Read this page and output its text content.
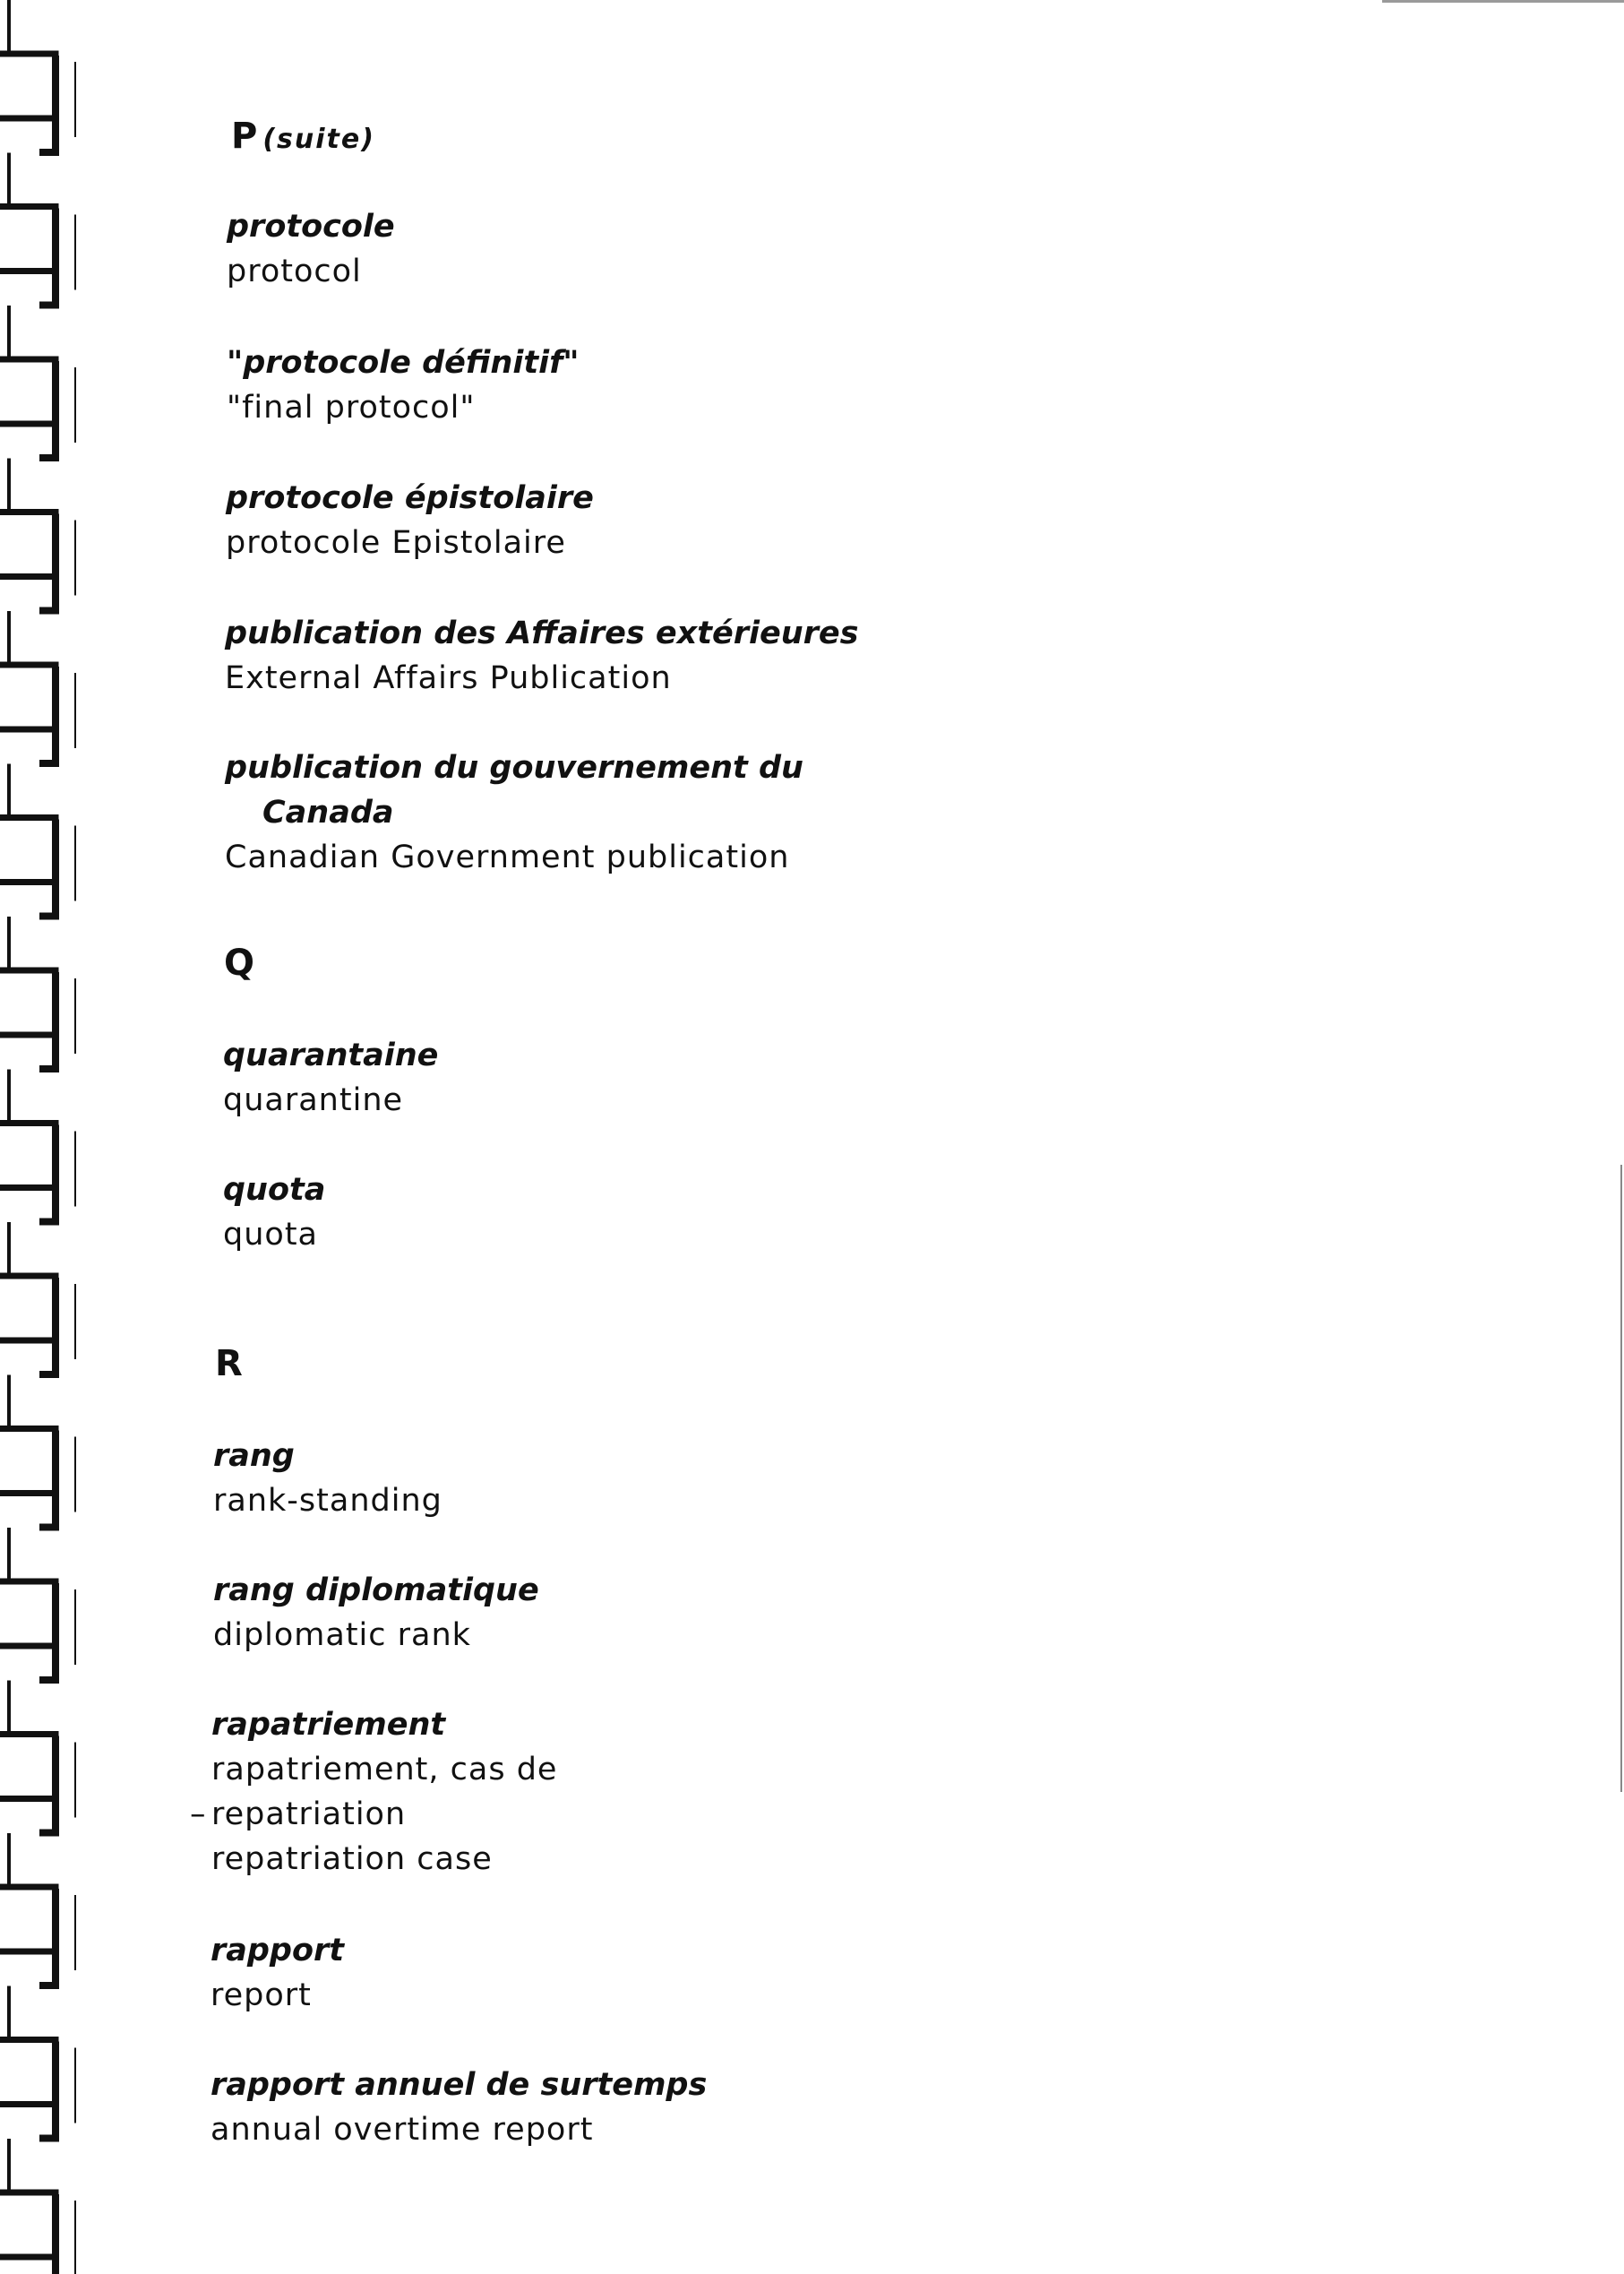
P (suite)
protocole
protocol
"protocole définitif"
"final protocol"
protocole épistolaire
protocole Epistolaire
publication des Affaires extérieures
External Affairs Publication
publication du gouvernement du
Canada
Canadian Government publication
Q
quarantaine
quarantine
quota
quota
R
rang
rank-standing
rang diplomatique
diplomatic rank
rapatriement
rapatriement, cas de
– repatriation
repatriation case
rapport
report
rapport annuel de surtemps
annual overtime report
